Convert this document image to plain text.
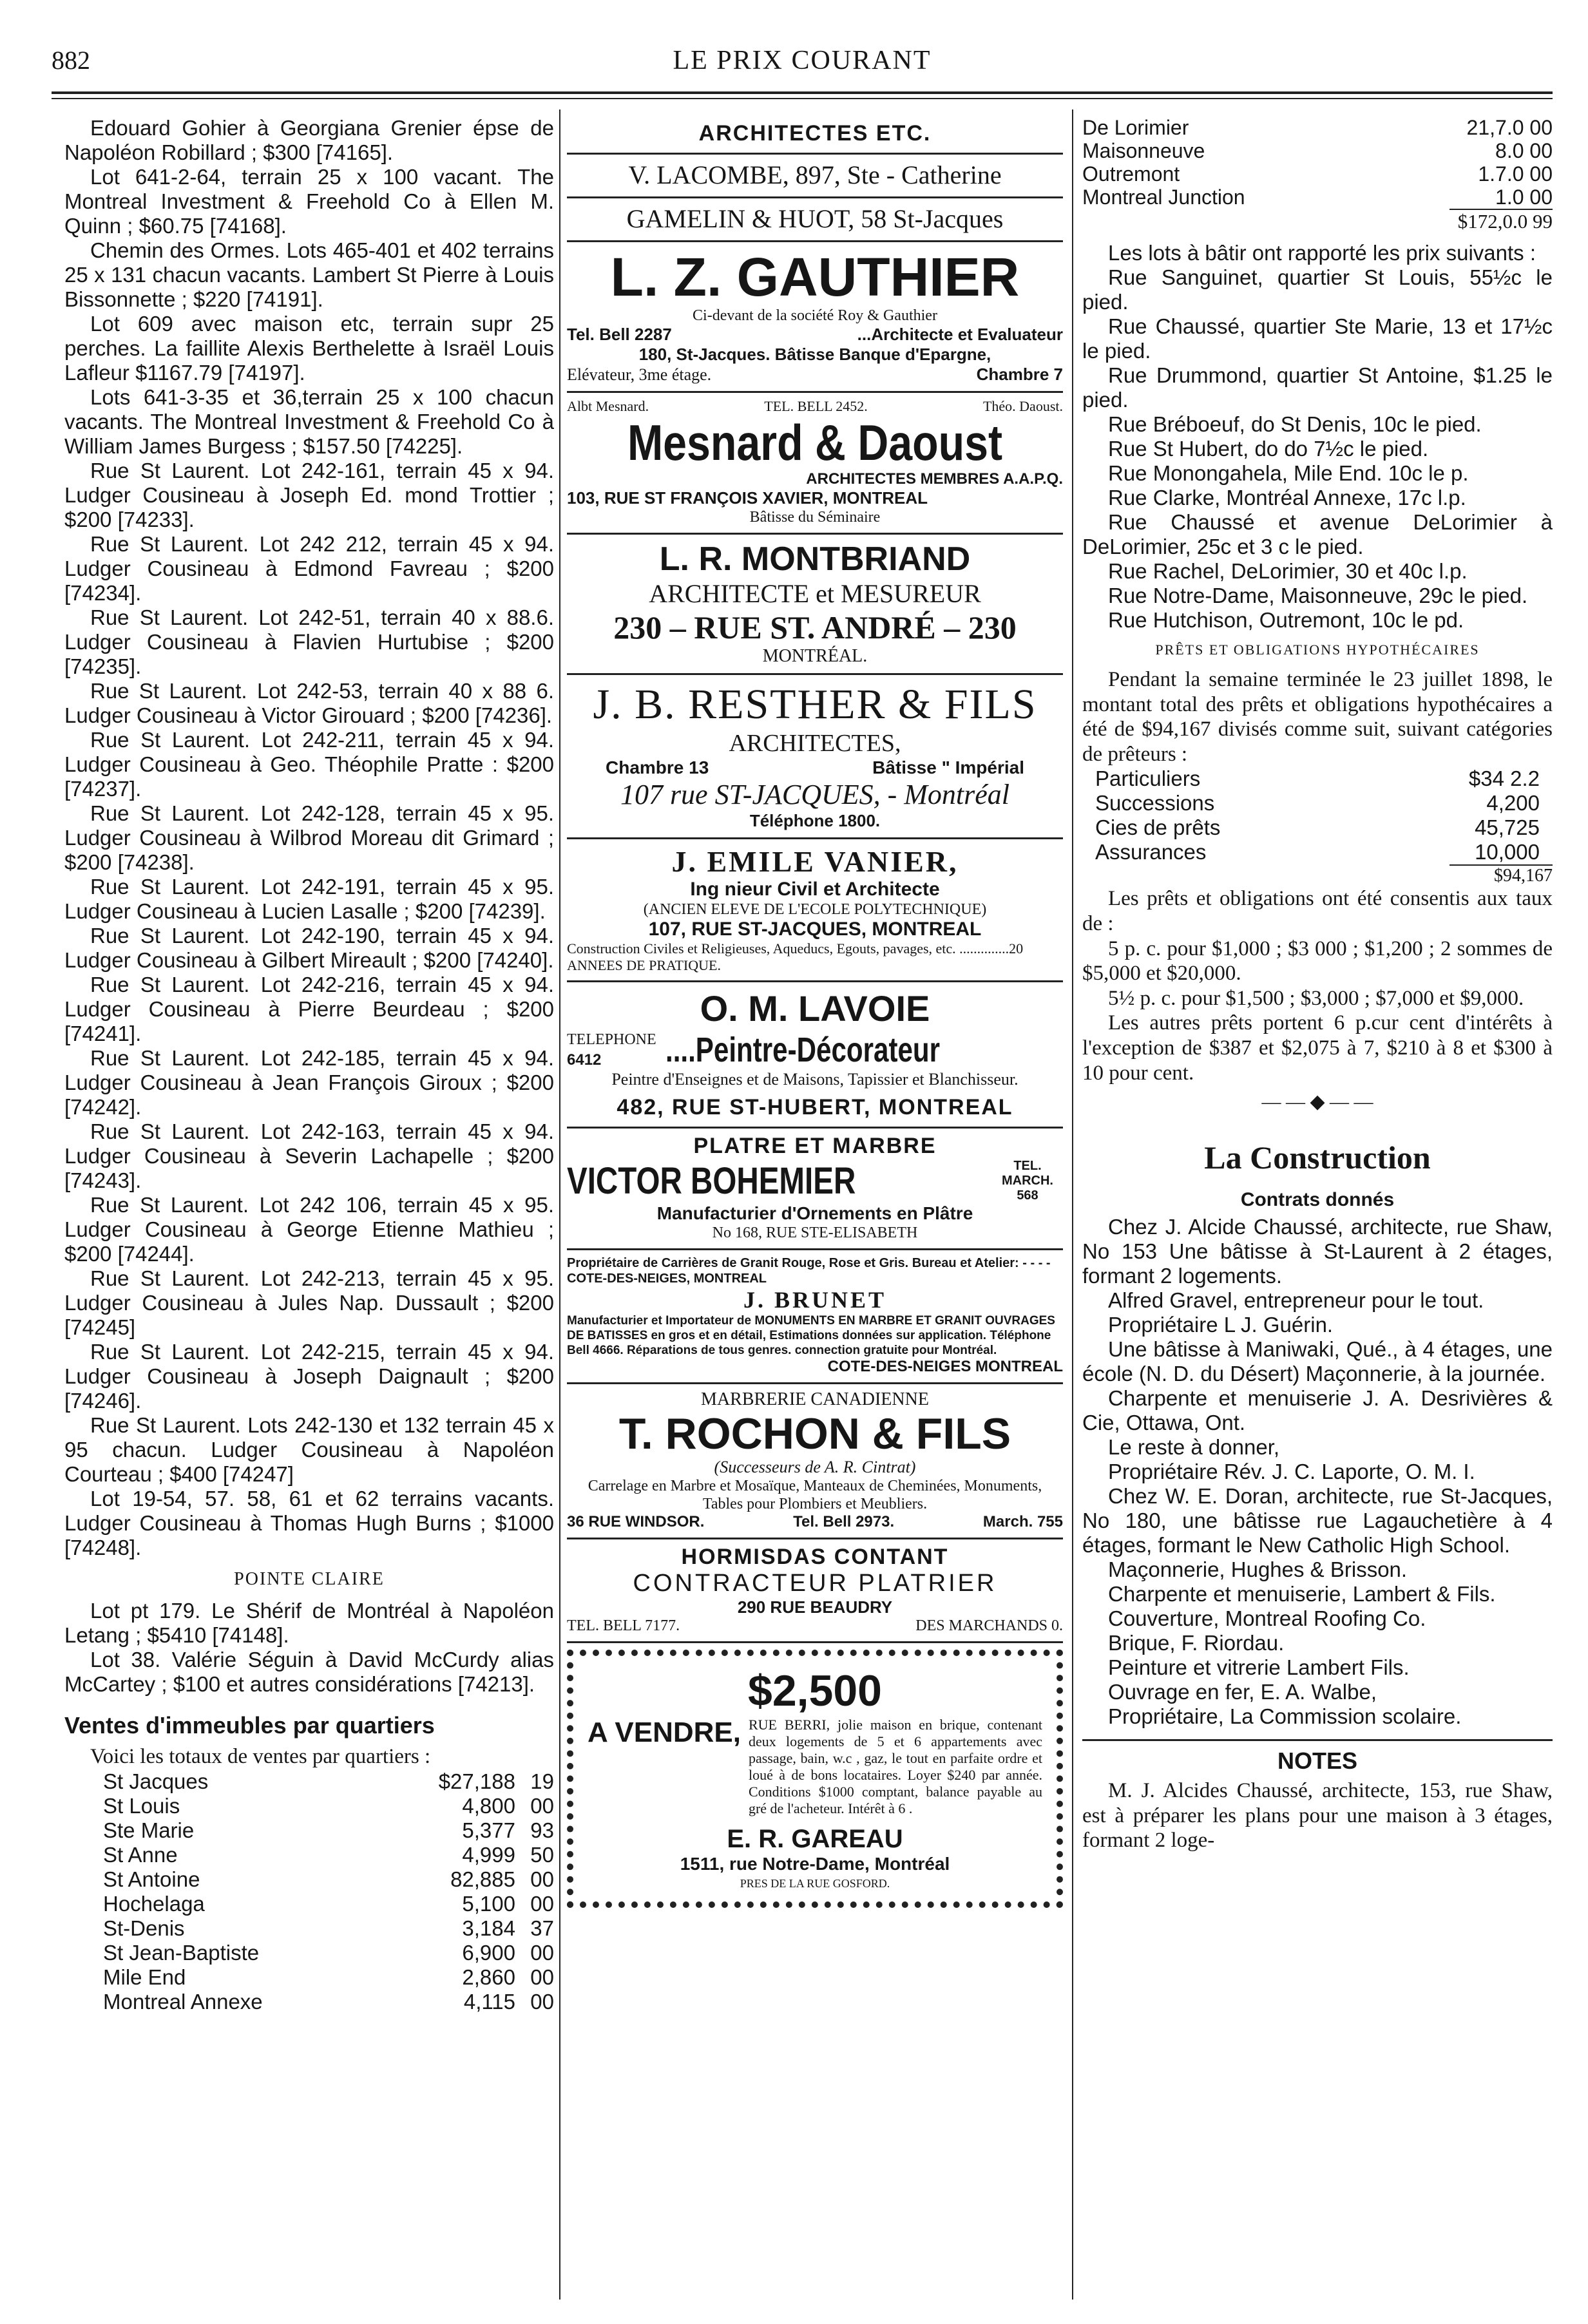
882	LE PRIX COURANT

Edouard Gohier à Georgiana Grenier épse de Napoléon Robillard ; $300 [74165].

Lot 641-2-64, terrain 25 x 100 vacant. The Montreal Investment & Freehold Co à Ellen M. Quinn ; $60.75 [74168].

Chemin des Ormes. Lots 465-401 et 402 terrains 25 x 131 chacun vacants. Lambert St Pierre à Louis Bissonnette ; $220 [74191].

Lot 609 avec maison etc, terrain supr 25 perches. La faillite Alexis Berthelette à Israël Louis Lafleur $1167.79 [74197].

Lots 641-3-35 et 36,terrain 25 x 100 chacun vacants. The Montreal Investment & Freehold Co à William James Burgess ; $157.50 [74225].

Rue St Laurent. Lot 242-161, terrain 45 x 94. Ludger Cousineau à Joseph Ed. mond Trottier ; $200 [74233].

Rue St Laurent. Lot 242 212, terrain 45 x 94. Ludger Cousineau à Edmond Favreau ; $200 [74234].

Rue St Laurent. Lot 242-51, terrain 40 x 88.6. Ludger Cousineau à Flavien Hurtubise ; $200 [74235].

Rue St Laurent. Lot 242-53, terrain 40 x 88 6. Ludger Cousineau à Victor Girouard ; $200 [74236].

Rue St Laurent. Lot 242-211, terrain 45 x 94. Ludger Cousineau à Geo. Théophile Pratte : $200 [74237].

Rue St Laurent. Lot 242-128, terrain 45 x 95. Ludger Cousineau à Wilbrod Moreau dit Grimard ; $200 [74238].

Rue St Laurent. Lot 242-191, terrain 45 x 95. Ludger Cousineau à Lucien Lasalle ; $200 [74239].

Rue St Laurent. Lot 242-190, terrain 45 x 94. Ludger Cousineau à Gilbert Mireault ; $200 [74240].

Rue St Laurent. Lot 242-216, terrain 45 x 94. Ludger Cousineau à Pierre Beurdeau ; $200 [74241].

Rue St Laurent. Lot 242-185, terrain 45 x 94. Ludger Cousineau à Jean François Giroux ; $200 [74242].

Rue St Laurent. Lot 242-163, terrain 45 x 94. Ludger Cousineau à Severin Lachapelle ; $200 [74243].

Rue St Laurent. Lot 242 106, terrain 45 x 95. Ludger Cousineau à George Etienne Mathieu ; $200 [74244].

Rue St Laurent. Lot 242-213, terrain 45 x 95. Ludger Cousineau à Jules Nap. Dussault ; $200 [74245]

Rue St Laurent. Lot 242-215, terrain 45 x 94. Ludger Cousineau à Joseph Daignault ; $200 [74246].

Rue St Laurent. Lots 242-130 et 132 terrain 45 x 95 chacun. Ludger Cousineau à Napoléon Courteau ; $400 [74247]

Lot 19-54, 57. 58, 61 et 62 terrains vacants. Ludger Cousineau à Thomas Hugh Burns ; $1000 [74248].

POINTE CLAIRE

Lot pt 179. Le Shérif de Montréal à Napoléon Letang ; $5410 [74148].

Lot 38. Valérie Séguin à David McCurdy alias McCartey ; $100 et autres considérations [74213].

Ventes d'immeubles par quartiers

Voici les totaux de ventes par quartiers :

St Jacques	$27,188	19
St Louis	4,800	00
Ste Marie	5,377	93
St Anne	4,999	50
St Antoine	82,885	00
Hochelaga	5,100	00
St-Denis	3,184	37
St Jean-Baptiste	6,900	00
Mile End	2,860	00
Montreal Annexe	4,115	00
ARCHITECTES ETC.
V. LACOMBE, 897, Ste - Catherine
GAMELIN & HUOT, 58 St-Jacques
L. Z. GAUTHIER
Ci-devant de la société Roy & Gauthier
Tel. Bell 2287	...Architecte et Evaluateur
180, St-Jacques. Bâtisse Banque d'Epargne,
Elévateur, 3me étage.	Chambre 7
Albt Mesnard.	TEL. BELL 2452.	Théo. Daoust.
Mesnard & Daoust
ARCHITECTES MEMBRES A.A.P.Q.
103, RUE ST FRANÇOIS XAVIER, MONTREAL
Bâtisse du Séminaire
L. R. MONTBRIAND
ARCHITECTE et MESUREUR
230 – RUE ST. ANDRÉ – 230
MONTRÉAL.
J. B. RESTHER & FILS
ARCHITECTES,
Chambre 13	Bâtisse " Impérial
107 rue ST-JACQUES, - Montréal
Téléphone 1800.
J. EMILE VANIER,
Ing nieur Civil et Architecte
(ANCIEN ELEVE DE L'ECOLE POLYTECHNIQUE)
107, RUE ST-JACQUES, MONTREAL
Construction Civiles et Religieuses, Aqueducs, Egouts, pavages, etc. ..............20 ANNEES DE PRATIQUE.
O. M. LAVOIE
TELEPHONE
6412	....Peintre-Décorateur
Peintre d'Enseignes et de Maisons, Tapissier et Blanchisseur.
482, RUE ST-HUBERT, MONTREAL
PLATRE ET MARBRE
VICTOR BOHEMIER	TEL. MARCH. 568
Manufacturier d'Ornements en Plâtre
No 168, RUE STE-ELISABETH
Propriétaire de Carrières de Granit Rouge, Rose et Gris. Bureau et Atelier: - - - - COTE-DES-NEIGES, MONTREAL
J. BRUNET
Manufacturier et Importateur de MONUMENTS EN MARBRE ET GRANIT OUVRAGES DE BATISSES en gros et en détail, Estimations données sur application. Téléphone Bell 4666. Réparations de tous genres. connection gratuite pour Montréal.
COTE-DES-NEIGES MONTREAL
MARBRERIE CANADIENNE
T. ROCHON & FILS
(Successeurs de A. R. Cintrat)
Carrelage en Marbre et Mosaïque, Manteaux de Cheminées, Monuments, Tables pour Plombiers et Meubliers.
36 RUE WINDSOR.	Tel. Bell 2973.	March. 755
HORMISDAS CONTANT
CONTRACTEUR PLATRIER
290 RUE BEAUDRY
TEL. BELL 7177.	DES MARCHANDS 0.
$2,500
A VENDRE, RUE BERRI, jolie maison en brique, contenant deux logements de 5 et 6 appartements avec passage, bain, w.c , gaz, le tout en parfaite ordre et loué à de bons locataires. Loyer $240 par année. Conditions $1000 comptant, balance payable au gré de l'acheteur. Intérêt à 6 .
E. R. GAREAU
1511, rue Notre-Dame, Montréal
PRES DE LA RUE GOSFORD.
De Lorimier	21,7.0 00
Maisonneuve	8.0 00
Outremont	1.7.0 00
Montreal Junction	1.0 00
$172,0.0 99

Les lots à bâtir ont rapporté les prix suivants :

Rue Sanguinet, quartier St Louis, 55½c le pied.

Rue Chaussé, quartier Ste Marie, 13 et 17½c le pied.

Rue Drummond, quartier St Antoine, $1.25 le pied.

Rue Bréboeuf, do St Denis, 10c le pied.

Rue St Hubert, do do 7½c le pied.

Rue Monongahela, Mile End. 10c le p.

Rue Clarke, Montréal Annexe, 17c l.p.

Rue Chaussé et avenue DeLorimier à DeLorimier, 25c et 3 c le pied.

Rue Rachel, DeLorimier, 30 et 40c l.p.

Rue Notre-Dame, Maisonneuve, 29c le pied.

Rue Hutchison, Outremont, 10c le pd.

PRÊTS ET OBLIGATIONS HYPOTHÉCAIRES

Pendant la semaine terminée le 23 juillet 1898, le montant total des prêts et obligations hypothécaires a été de $94,167 divisés comme suit, suivant catégories de prêteurs :

Particuliers	$34 2.2
Successions	4,200
Cies de prêts	45,725
Assurances	10,000
$94,167

Les prêts et obligations ont été consentis aux taux de :

5 p. c. pour $1,000 ; $3 000 ; $1,200 ; 2 sommes de $5,000 et $20,000.

5½ p. c. pour $1,500 ; $3,000 ; $7,000 et $9,000.

Les autres prêts portent 6 p.cur cent d'intérêts à l'exception de $387 et $2,075 à 7, $210 à 8 et $300 à 10 pour cent.

— — ◆ — —
La Construction
Contrats donnés

Chez J. Alcide Chaussé, architecte, rue Shaw, No 153 Une bâtisse à St-Laurent à 2 étages, formant 2 logements.

Alfred Gravel, entrepreneur pour le tout.

Propriétaire L J. Guérin.

Une bâtisse à Maniwaki, Qué., à 4 étages, une école (N. D. du Désert) Maçonnerie, à la journée.

Charpente et menuiserie J. A. Desrivières & Cie, Ottawa, Ont.

Le reste à donner,

Propriétaire Rév. J. C. Laporte, O. M. I.

Chez W. E. Doran, architecte, rue St-Jacques, No 180, une bâtisse rue Lagauchetière à 4 étages, formant le New Catholic High School.

Maçonnerie, Hughes & Brisson.

Charpente et menuiserie, Lambert & Fils.

Couverture, Montreal Roofing Co.

Brique, F. Riordau.

Peinture et vitrerie Lambert Fils.

Ouvrage en fer, E. A. Walbe,

Propriétaire, La Commission scolaire.

NOTES

M. J. Alcides Chaussé, architecte, 153, rue Shaw, est à préparer les plans pour une maison à 3 étages, formant 2 loge-
